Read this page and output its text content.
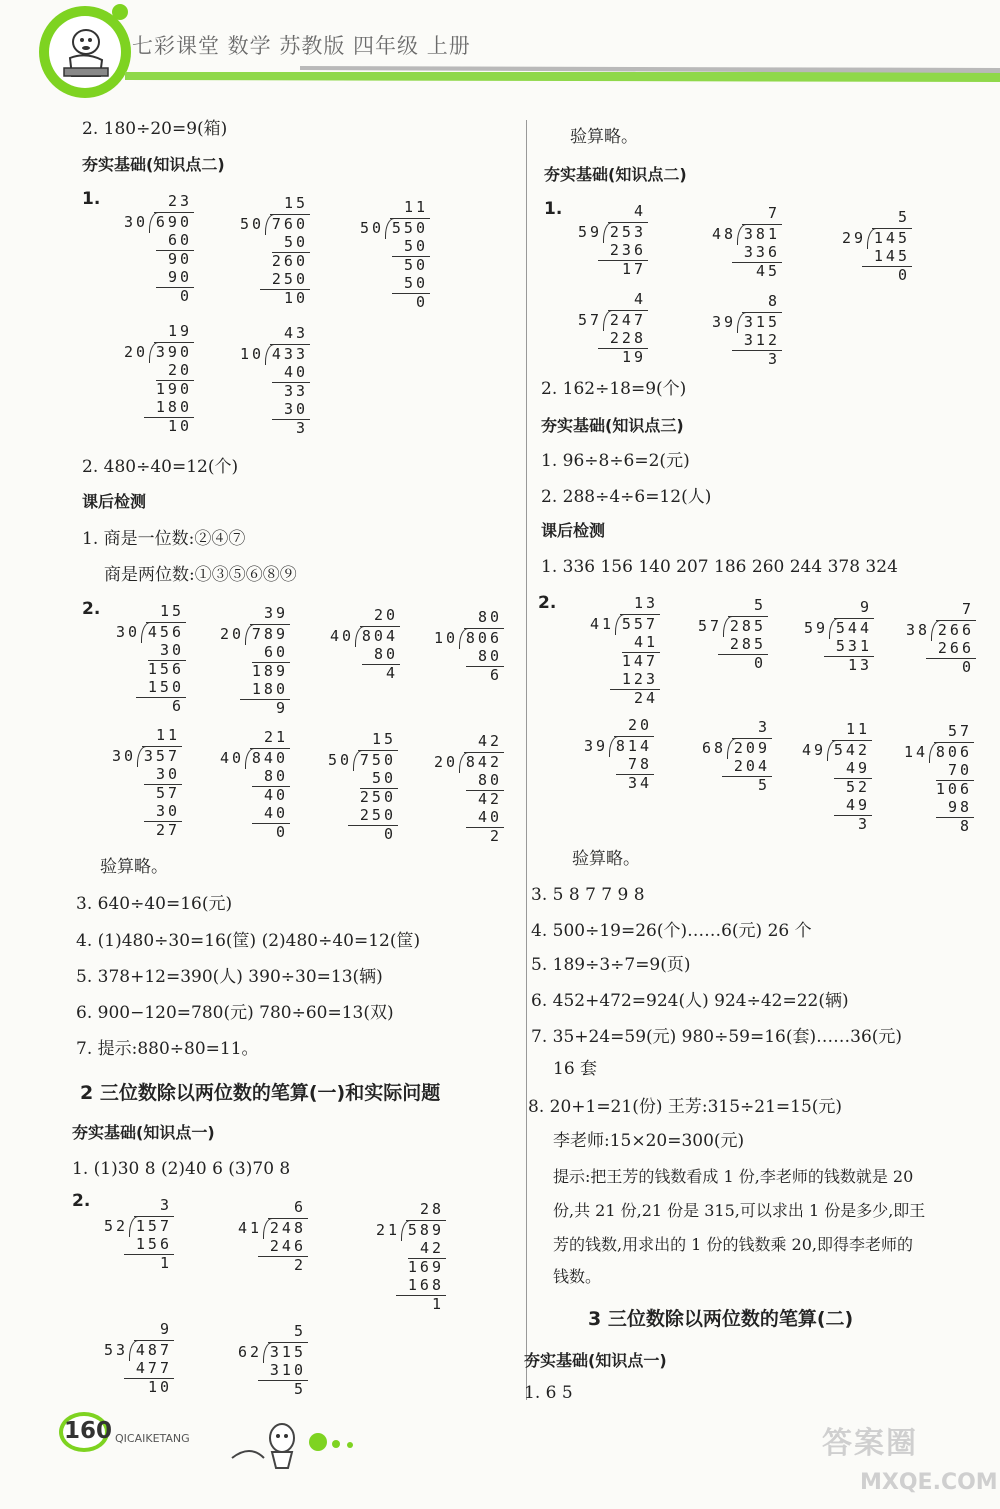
七彩课堂 数学 苏教版 四年级 上册
2. 180÷20=9(箱)
夯实基础(知识点二)
1.
2. 480÷40=12(个)
课后检测
1. 商是一位数:②④⑦
商是两位数:①③⑤⑥⑧⑨
2.
验算略。
3. 640÷40=16(元)
4. (1)480÷30=16(筐) (2)480÷40=12(筐)
5. 378+12=390(人) 390÷30=13(辆)
6. 900−120=780(元) 780÷60=13(双)
7. 提示:880÷80=11。
2 三位数除以两位数的笔算(一)和实际问题
夯实基础(知识点一)
1. (1)30 8 (2)40 6 (3)70 8
2.
验算略。
夯实基础(知识点二)
1.
2. 162÷18=9(个)
夯实基础(知识点三)
1. 96÷8÷6=2(元)
2. 288÷4÷6=12(人)
课后检测
1. 336 156 140 207 186 260 244 378 324
2.
验算略。
3. 5 8 7 7 9 8
4. 500÷19=26(个)……6(元) 26 个
5. 189÷3÷7=9(页)
6. 452+472=924(人) 924÷42=22(辆)
7. 35+24=59(元) 980÷59=16(套)……36(元)
16 套
8. 20+1=21(份) 王芳:315÷21=15(元)
李老师:15×20=300(元)
提示:把王芳的钱数看成 1 份,李老师的钱数就是 20
份,共 21 份,21 份是 315,可以求出 1 份是多少,即王
芳的钱数,用求出的 1 份的钱数乘 20,即得李老师的
钱数。
3 三位数除以两位数的笔算(二)
夯实基础(知识点一)
1. 6 5
23
690
30
60
90
90
0
15
760
50
50
260
250
10
11
550
50
50
50
50
0
19
390
20
20
190
180
10
43
433
10
40
33
30
3
15
456
30
30
156
150
6
39
789
20
60
189
180
9
20
804
40
80
4
80
806
10
80
6
11
357
30
30
57
30
27
21
840
40
80
40
40
0
15
750
50
50
250
250
0
42
842
20
80
42
40
2
3
157
52
156
1
6
248
41
246
2
28
589
21
42
169
168
1
9
487
53
477
10
5
315
62
310
5
4
253
59
236
17
7
381
48
336
45
5
145
29
145
0
4
247
57
228
19
8
315
39
312
3
13
557
41
41
147
123
24
5
285
57
285
0
9
544
59
531
13
7
266
38
266
0
20
814
39
78
34
3
209
68
204
5
11
542
49
49
52
49
3
57
806
14
70
106
98
8
160 QICAIKETANG	答案圈
MXQE.COM
